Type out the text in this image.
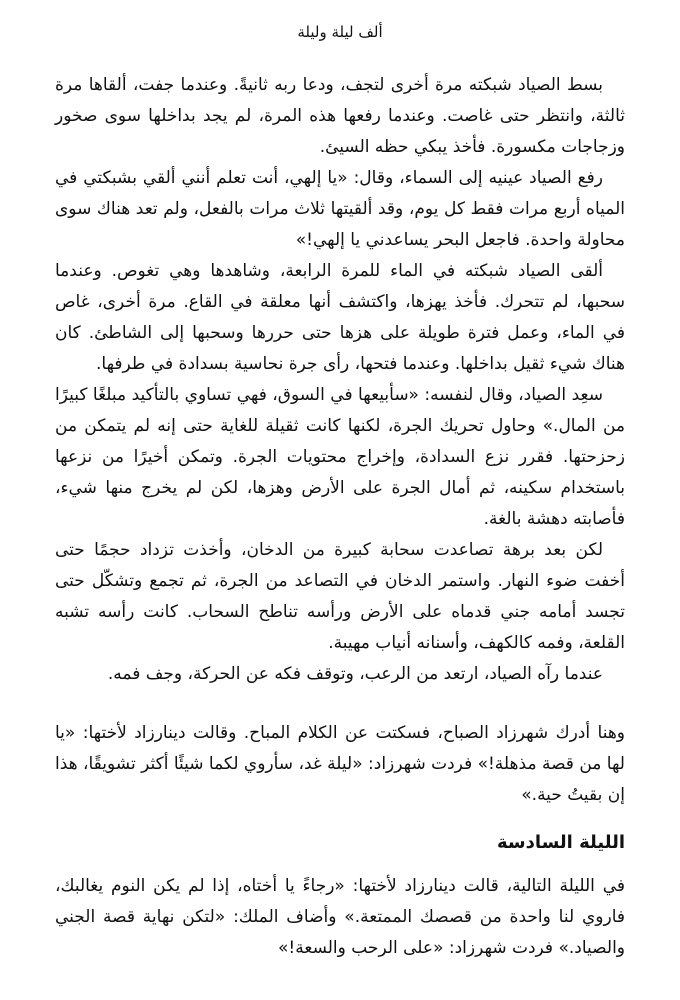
ألف ليلة وليلة

بسط الصياد شبكته مرة أخرى لتجف، ودعا ربه ثانيةً. وعندما جفت، ألقاها مرة ثالثة، وانتظر حتى غاصت. وعندما رفعها هذه المرة، لم يجد بداخلها سوى صخور وزجاجات مكسورة. فأخذ يبكي حظه السيئ.

رفع الصياد عينيه إلى السماء، وقال: «يا إلهي، أنت تعلم أنني ألقي بشبكتي في المياه أربع مرات فقط كل يوم، وقد ألقيتها ثلاث مرات بالفعل، ولم تعد هناك سوى محاولة واحدة. فاجعل البحر يساعدني يا إلهي!»

ألقى الصياد شبكته في الماء للمرة الرابعة، وشاهدها وهي تغوص. وعندما سحبها، لم تتحرك. فأخذ يهزها، واكتشف أنها معلقة في القاع. مرة أخرى، غاص في الماء، وعمل فترة طويلة على هزها حتى حررها وسحبها إلى الشاطئ. كان هناك شيء ثقيل بداخلها. وعندما فتحها، رأى جرة نحاسية بسدادة في طرفها.

سعِد الصياد، وقال لنفسه: «سأبيعها في السوق، فهي تساوي بالتأكيد مبلغًا كبيرًا من المال.» وحاول تحريك الجرة، لكنها كانت ثقيلة للغاية حتى إنه لم يتمكن من زحزحتها. فقرر نزع السدادة، وإخراج محتويات الجرة. وتمكن أخيرًا من نزعها باستخدام سكينه، ثم أمال الجرة على الأرض وهزها، لكن لم يخرج منها شيء، فأصابته دهشة بالغة.

لكن بعد برهة تصاعدت سحابة كبيرة من الدخان، وأخذت تزداد حجمًا حتى أخفت ضوء النهار. واستمر الدخان في التصاعد من الجرة، ثم تجمع وتشكّل حتى تجسد أمامه جني قدماه على الأرض ورأسه تناطح السحاب. كانت رأسه تشبه القلعة، وفمه كالكهف، وأسنانه أنياب مهيبة.

عندما رآه الصياد، ارتعد من الرعب، وتوقف فكه عن الحركة، وجف فمه.

وهنا أدرك شهرزاد الصباح، فسكتت عن الكلام المباح. وقالت دينارزاد لأختها: «يا لها من قصة مذهلة!» فردت شهرزاد: «ليلة غد، سأروي لكما شيئًا أكثر تشويقًا، هذا إن بقيتُ حية.»

الليلة السادسة

في الليلة التالية، قالت دينارزاد لأختها: «رجاءً يا أختاه، إذا لم يكن النوم يغالبك، فاروي لنا واحدة من قصصك الممتعة.» وأضاف الملك: «لتكن نهاية قصة الجني والصياد.» فردت شهرزاد: «على الرحب والسعة!»
